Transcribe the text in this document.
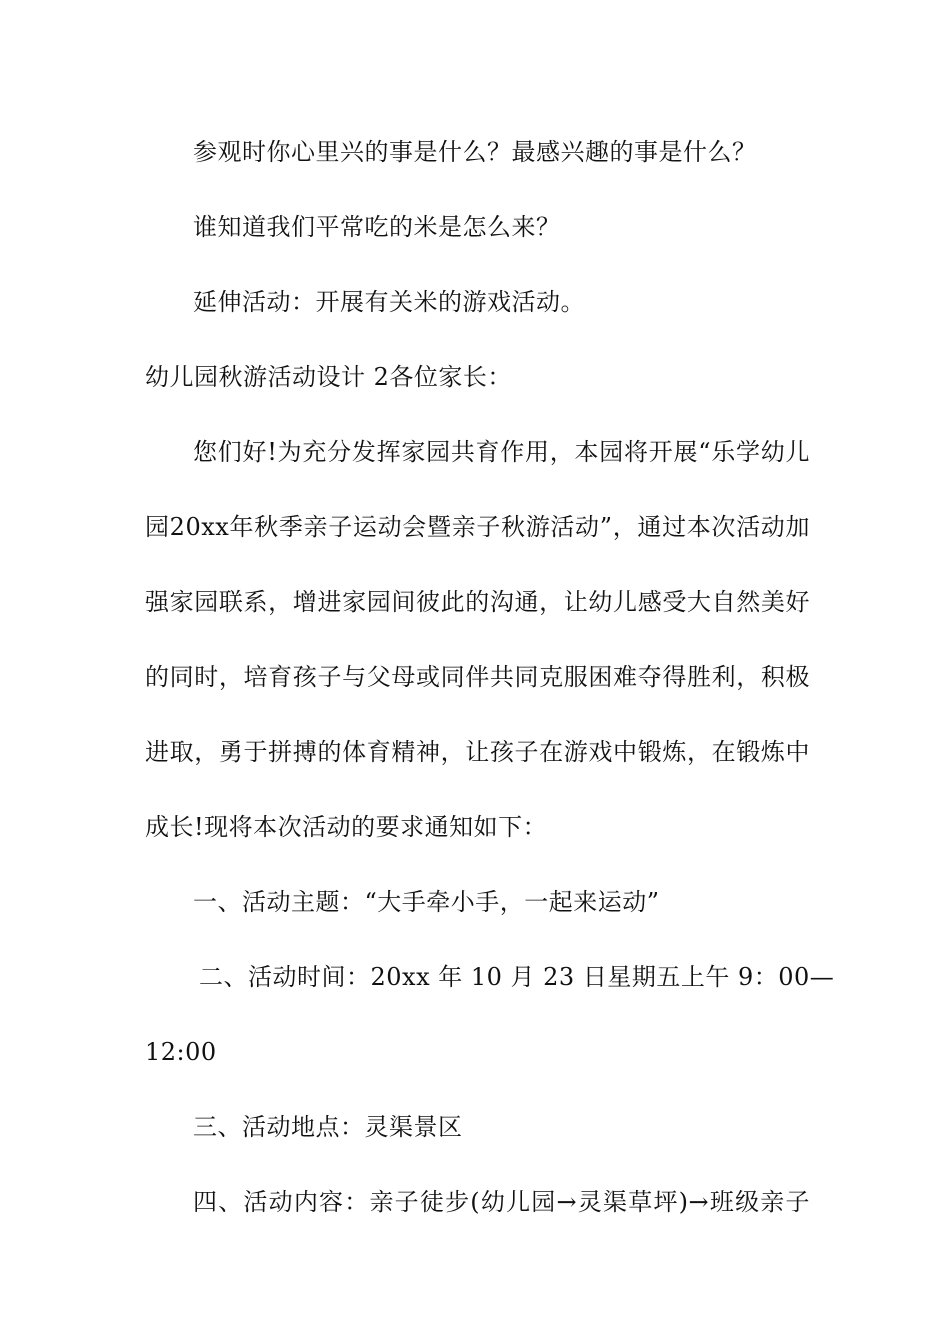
参观时你心里兴的事是什么？最感兴趣的事是什么？

谁知道我们平常吃的米是怎么来？

延伸活动：开展有关米的游戏活动。

幼儿园秋游活动设计 2各位家长：

您们好!为充分发挥家园共育作用，本园将开展“乐学幼儿

园20xx年秋季亲子运动会暨亲子秋游活动”，通过本次活动加

强家园联系，增进家园间彼此的沟通，让幼儿感受大自然美好

的同时，培育孩子与父母或同伴共同克服困难夺得胜利，积极

进取，勇于拼搏的体育精神，让孩子在游戏中锻炼，在锻炼中

成长!现将本次活动的要求通知如下：

一、活动主题：“大手牵小手，一起来运动”

二、活动时间：20xx 年 10 月 23 日星期五上午 9：00—

12:00

三、活动地点：灵渠景区

四、活动内容：亲子徒步(幼儿园→灵渠草坪)→班级亲子
